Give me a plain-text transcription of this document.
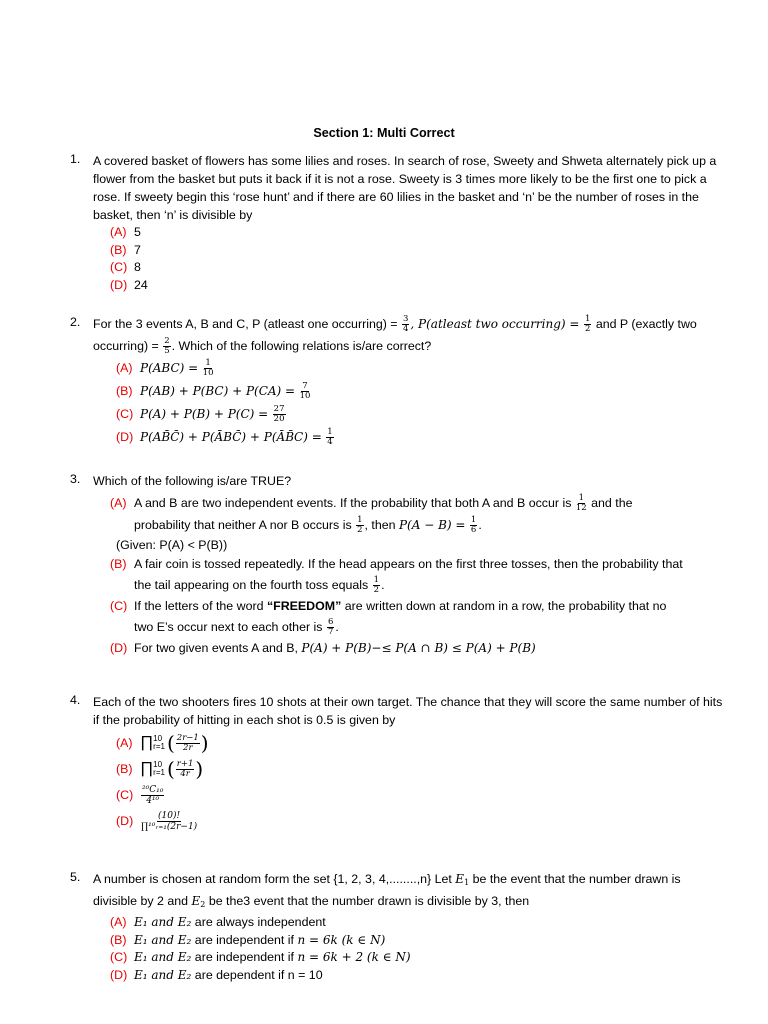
Section 1: Multi Correct
1.	A covered basket of flowers has some lilies and roses. In search of rose, Sweety and Shweta alternately pick up a flower from the basket but puts it back if it is not a rose. Sweety is 3 times more likely to be the first one to pick a rose. If sweety begin this ‘rose hunt’ and if there are 60 lilies in the basket and ‘n’ be the number of roses in the basket, then ‘n’ is divisible by
(A) 5
(B) 7
(C) 8
(D) 24
2.	For the 3 events A, B and C, P (atleast one occurring) = $\frac{3}{4}$ , P(atleast two occurring) = $\frac{1}{2}$ and P (exactly two
occurring) = $\frac{2}{5}$ . Which of the following relations is/are correct?
(A) $P(ABC) = \frac{1}{10}$
(B) $P(AB) + P(BC) + P(CA) = \frac{7}{10}$
(C) $P(A) + P(B) + P(C) = \frac{27}{20}$
(D) P(AB̄C̄) + P(ĀBC̄) + P(ĀB̄C) = $\frac{1}{4}$
3.	Which of the following is/are TRUE?
(A) A and B are two independent events. If the probability that both A and B occur is $\frac{1}{12}$ and the
probability that neither A nor B occurs is $\frac{1}{2}$ , then $P(A - B) = \frac{1}{6}$ .
(Given: P(A) < P(B))
(B) A fair coin is tossed repeatedly. If the head appears on the first three tosses, then the probability that
the tail appearing on the fourth toss equals $\frac{1}{2}$ .
(C) If the letters of the word “FREEDOM” are written down at random in a row, the probability that no
two E’s occur next to each other is $\frac{6}{7}$ .
(D) For two given events A and B, P(A) + P(B)−≤ P(A ∩ B) ≤ P(A) + P(B)
4.	Each of the two shooters fires 10 shots at their own target. The chance that they will score the same number of hits if the probability of hitting in each shot is 0.5 is given by
(A) ∏ 10
r=1 ( $\frac{2r-1}{2r}$ )
(B) ∏ 10
r=1 ( $\frac{r+1}{4r}$ )
$(C) \frac{\text{²⁰C₁₀}}{\text{4¹⁰}}$
$(D) \frac{(10)!}{\text{∏¹⁰ᵣ₌₁(2r−1)}}$
5.	A number is chosen at random form the set {1, 2, 3, 4,........,n} Let $E_1$ be the event that the number drawn is
divisible by 2 and $E_2$ be the3 event that the number drawn is divisible by 3, then
(A) E₁ and E₂ are always independent
(B) E₁ and E₂ are independent if n = 6k (k ∈ N)
(C) E₁ and E₂ are independent if n = 6k + 2 (k ∈ N)
(D) E₁ and E₂ are dependent if n = 10
